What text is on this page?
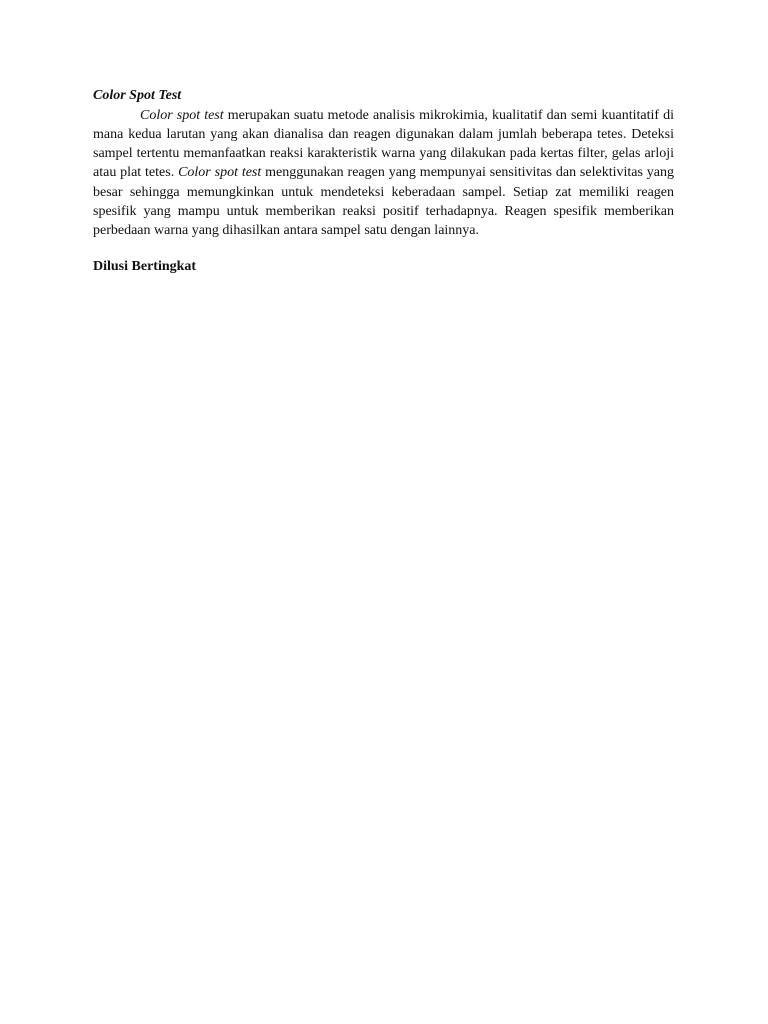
Color Spot Test

Color spot test merupakan suatu metode analisis mikrokimia, kualitatif dan semi kuantitatif di mana kedua larutan yang akan dianalisa dan reagen digunakan dalam jumlah beberapa tetes. Deteksi sampel tertentu memanfaatkan reaksi karakteristik warna yang dilakukan pada kertas filter, gelas arloji atau plat tetes. Color spot test menggunakan reagen yang mempunyai sensitivitas dan selektivitas yang besar sehingga memungkinkan untuk mendeteksi keberadaan sampel. Setiap zat memiliki reagen spesifik yang mampu untuk memberikan reaksi positif terhadapnya. Reagen spesifik memberikan perbedaan warna yang dihasilkan antara sampel satu dengan lainnya.

Dilusi Bertingkat
